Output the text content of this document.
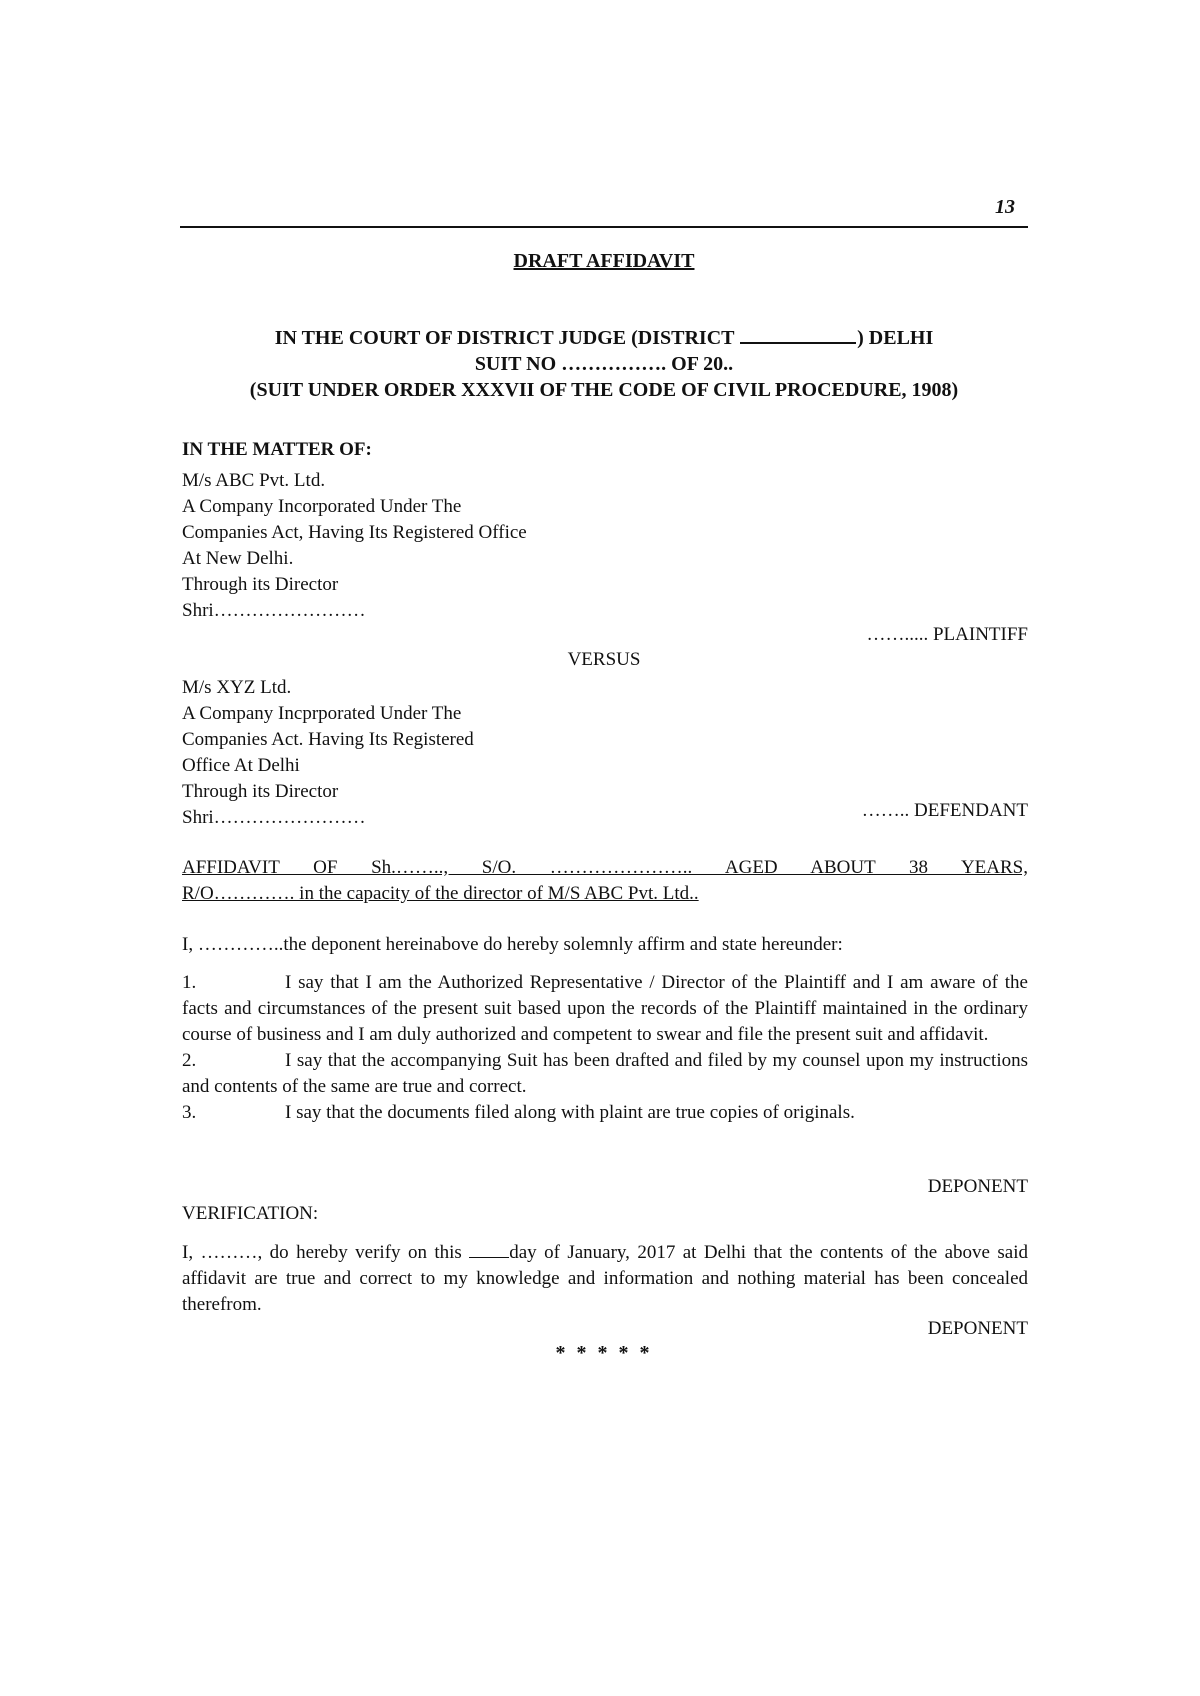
13
DRAFT AFFIDAVIT
IN THE COURT OF DISTRICT JUDGE (DISTRICT	) DELHI
SUIT NO ……………. OF 20..
(SUIT UNDER ORDER XXXVII OF THE CODE OF CIVIL PROCEDURE, 1908)
IN THE MATTER OF:
M/s ABC Pvt. Ltd.
A Company Incorporated Under The
Companies Act, Having Its Registered Office
At New Delhi.
Through its Director
Shri……………………
……..... PLAINTIFF
VERSUS
M/s XYZ Ltd.
A Company Incprporated Under The
Companies Act. Having Its Registered
Office At Delhi
Through its Director
Shri……………………	…….. DEFENDANT
AFFIDAVIT OF Sh.…….., S/O. ………………….. AGED ABOUT 38 YEARS,
R/O…………. in the capacity of the director of M/S ABC Pvt. Ltd..
I, …………..the deponent hereinabove do hereby solemnly affirm and state hereunder:

1.	I say that I am the Authorized Representative / Director of the Plaintiff and I am aware of the facts and circumstances of the present suit based upon the records of the Plaintiff maintained in the ordinary course of business and I am duly authorized and competent to swear and file the present suit and affidavit.

2.	I say that the accompanying Suit has been drafted and filed by my counsel upon my instructions and contents of the same are true and correct.

3.	I say that the documents filed along with plaint are true copies of originals.

DEPONENT
VERIFICATION:
I, ………, do hereby verify on this day of January, 2017 at Delhi that the contents of the above said affidavit are true and correct to my knowledge and information and nothing material has been concealed therefrom.
DEPONENT
* * * * *
